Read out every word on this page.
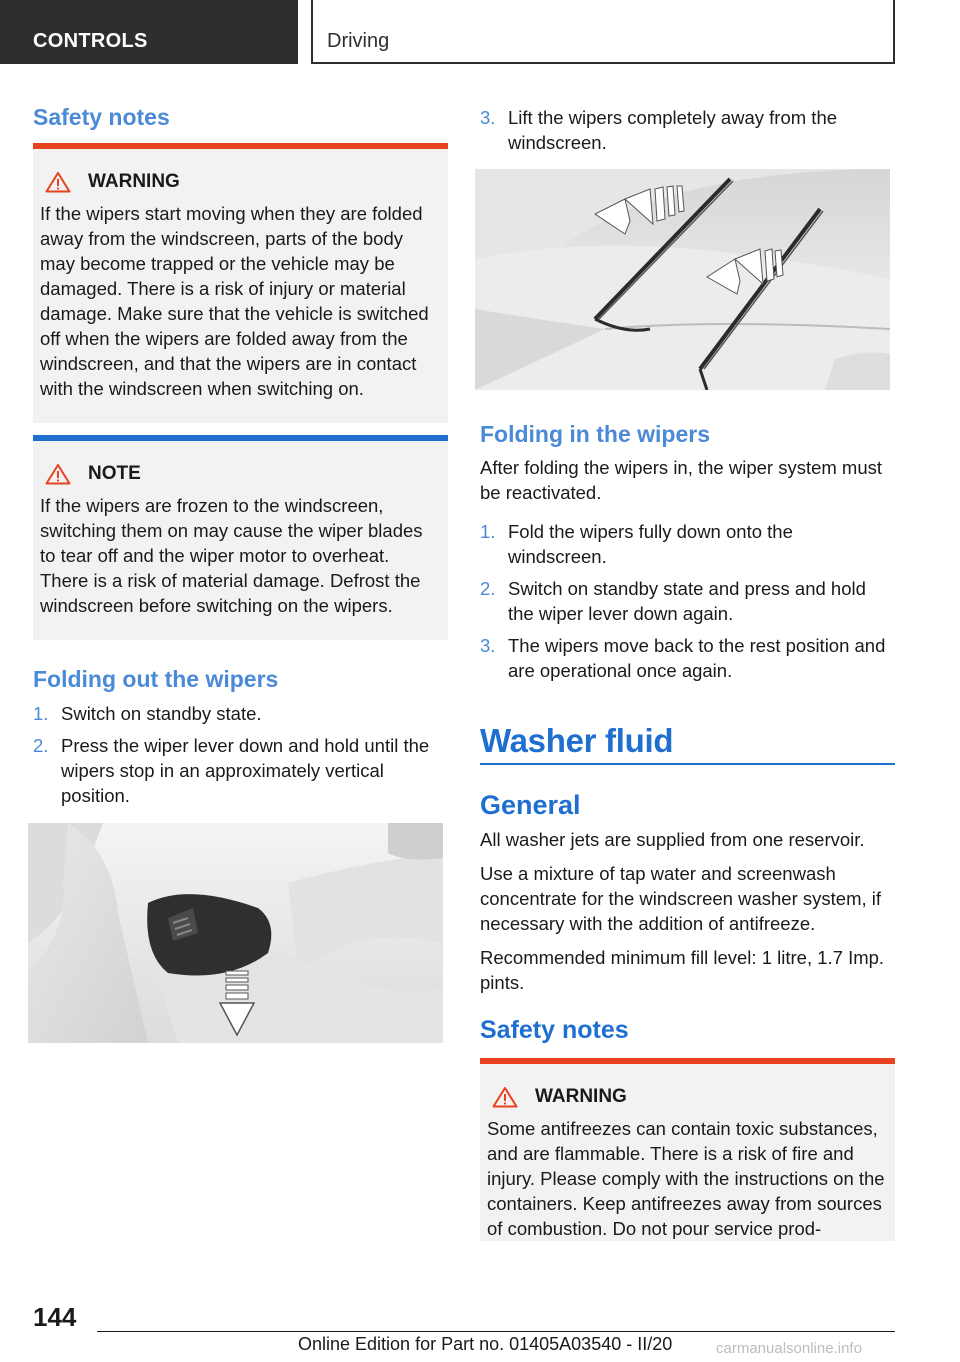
CONTROLS	Driving
Safety notes
WARNING
If the wipers start moving when they are folded away from the windscreen, parts of the body may become trapped or the vehicle may be damaged. There is a risk of injury or material damage. Make sure that the vehicle is switched off when the wipers are folded away from the windscreen, and that the wipers are in contact with the windscreen when switching on.
NOTE
If the wipers are frozen to the windscreen, switching them on may cause the wiper blades to tear off and the wiper motor to overheat. There is a risk of material damage. Defrost the windscreen before switching on the wipers.
Folding out the wipers
1. Switch on standby state.
2. Press the wiper lever down and hold until the wipers stop in an approximately vertical position.
3. Lift the wipers completely away from the windscreen.
Folding in the wipers

After folding the wipers in, the wiper system must be reactivated.

1. Fold the wipers fully down onto the windscreen.
2. Switch on standby state and press and hold the wiper lever down again.
3. The wipers move back to the rest position and are operational once again.
Washer fluid
General

All washer jets are supplied from one reservoir.

Use a mixture of tap water and screenwash concentrate for the windscreen washer system, if necessary with the addition of antifreeze.

Recommended minimum fill level: 1 litre, 1.7 Imp. pints.

Safety notes
WARNING
Some antifreezes can contain toxic substances, and are flammable. There is a risk of fire and injury. Please comply with the instructions on the containers. Keep antifreezes away from sources of combustion. Do not pour service prod-
144
Online Edition for Part no. 01405A03540 - II/20	carmanualsonline.info
